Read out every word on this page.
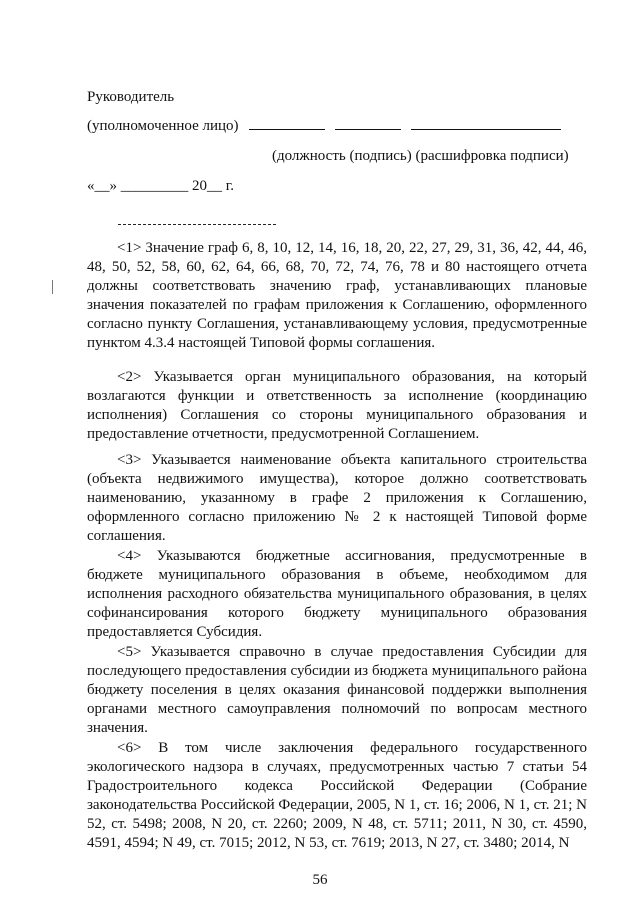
Руководитель
(уполномоченное лицо)
(должность (подпись) (расшифровка подписи)
«__» _________ 20__ г.

<1> Значение граф 6, 8, 10, 12, 14, 16, 18, 20, 22, 27, 29, 31, 36, 42, 44, 46, 48, 50, 52, 58, 60, 62, 64, 66, 68, 70, 72, 74, 76, 78 и 80 настоящего отчета должны соответствовать значению граф, устанавливающих плановые значения показателей по графам приложения к Соглашению, оформленного согласно пункту Соглашения, устанавливающему условия, предусмотренные пунктом 4.3.4 настоящей Типовой формы соглашения.

<2> Указывается орган муниципального образования, на который возлагаются функции и ответственность за исполнение (координацию исполнения) Соглашения со стороны муниципального образования и предоставление отчетности, предусмотренной Соглашением.

<3> Указывается наименование объекта капитального строительства (объекта недвижимого имущества), которое должно соответствовать наименованию, указанному в графе 2 приложения к Соглашению, оформленного согласно приложению № 2 к настоящей Типовой форме соглашения.

<4> Указываются бюджетные ассигнования, предусмотренные в бюджете муниципального образования в объеме, необходимом для исполнения расходного обязательства муниципального образования, в целях софинансирования которого бюджету муниципального образования предоставляется Субсидия.

<5> Указывается справочно в случае предоставления Субсидии для последующего предоставления субсидии из бюджета муниципального района бюджету поселения в целях оказания финансовой поддержки выполнения органами местного самоуправления полномочий по вопросам местного значения.

<6> В том числе заключения федерального государственного экологического надзора в случаях, предусмотренных частью 7 статьи 54 Градостроительного кодекса Российской Федерации (Собрание законодательства Российской Федерации, 2005, N 1, ст. 16; 2006, N 1, ст. 21; N 52, ст. 5498; 2008, N 20, ст. 2260; 2009, N 48, ст. 5711; 2011, N 30, ст. 4590, 4591, 4594; N 49, ст. 7015; 2012, N 53, ст. 7619; 2013, N 27, ст. 3480; 2014, N

56
